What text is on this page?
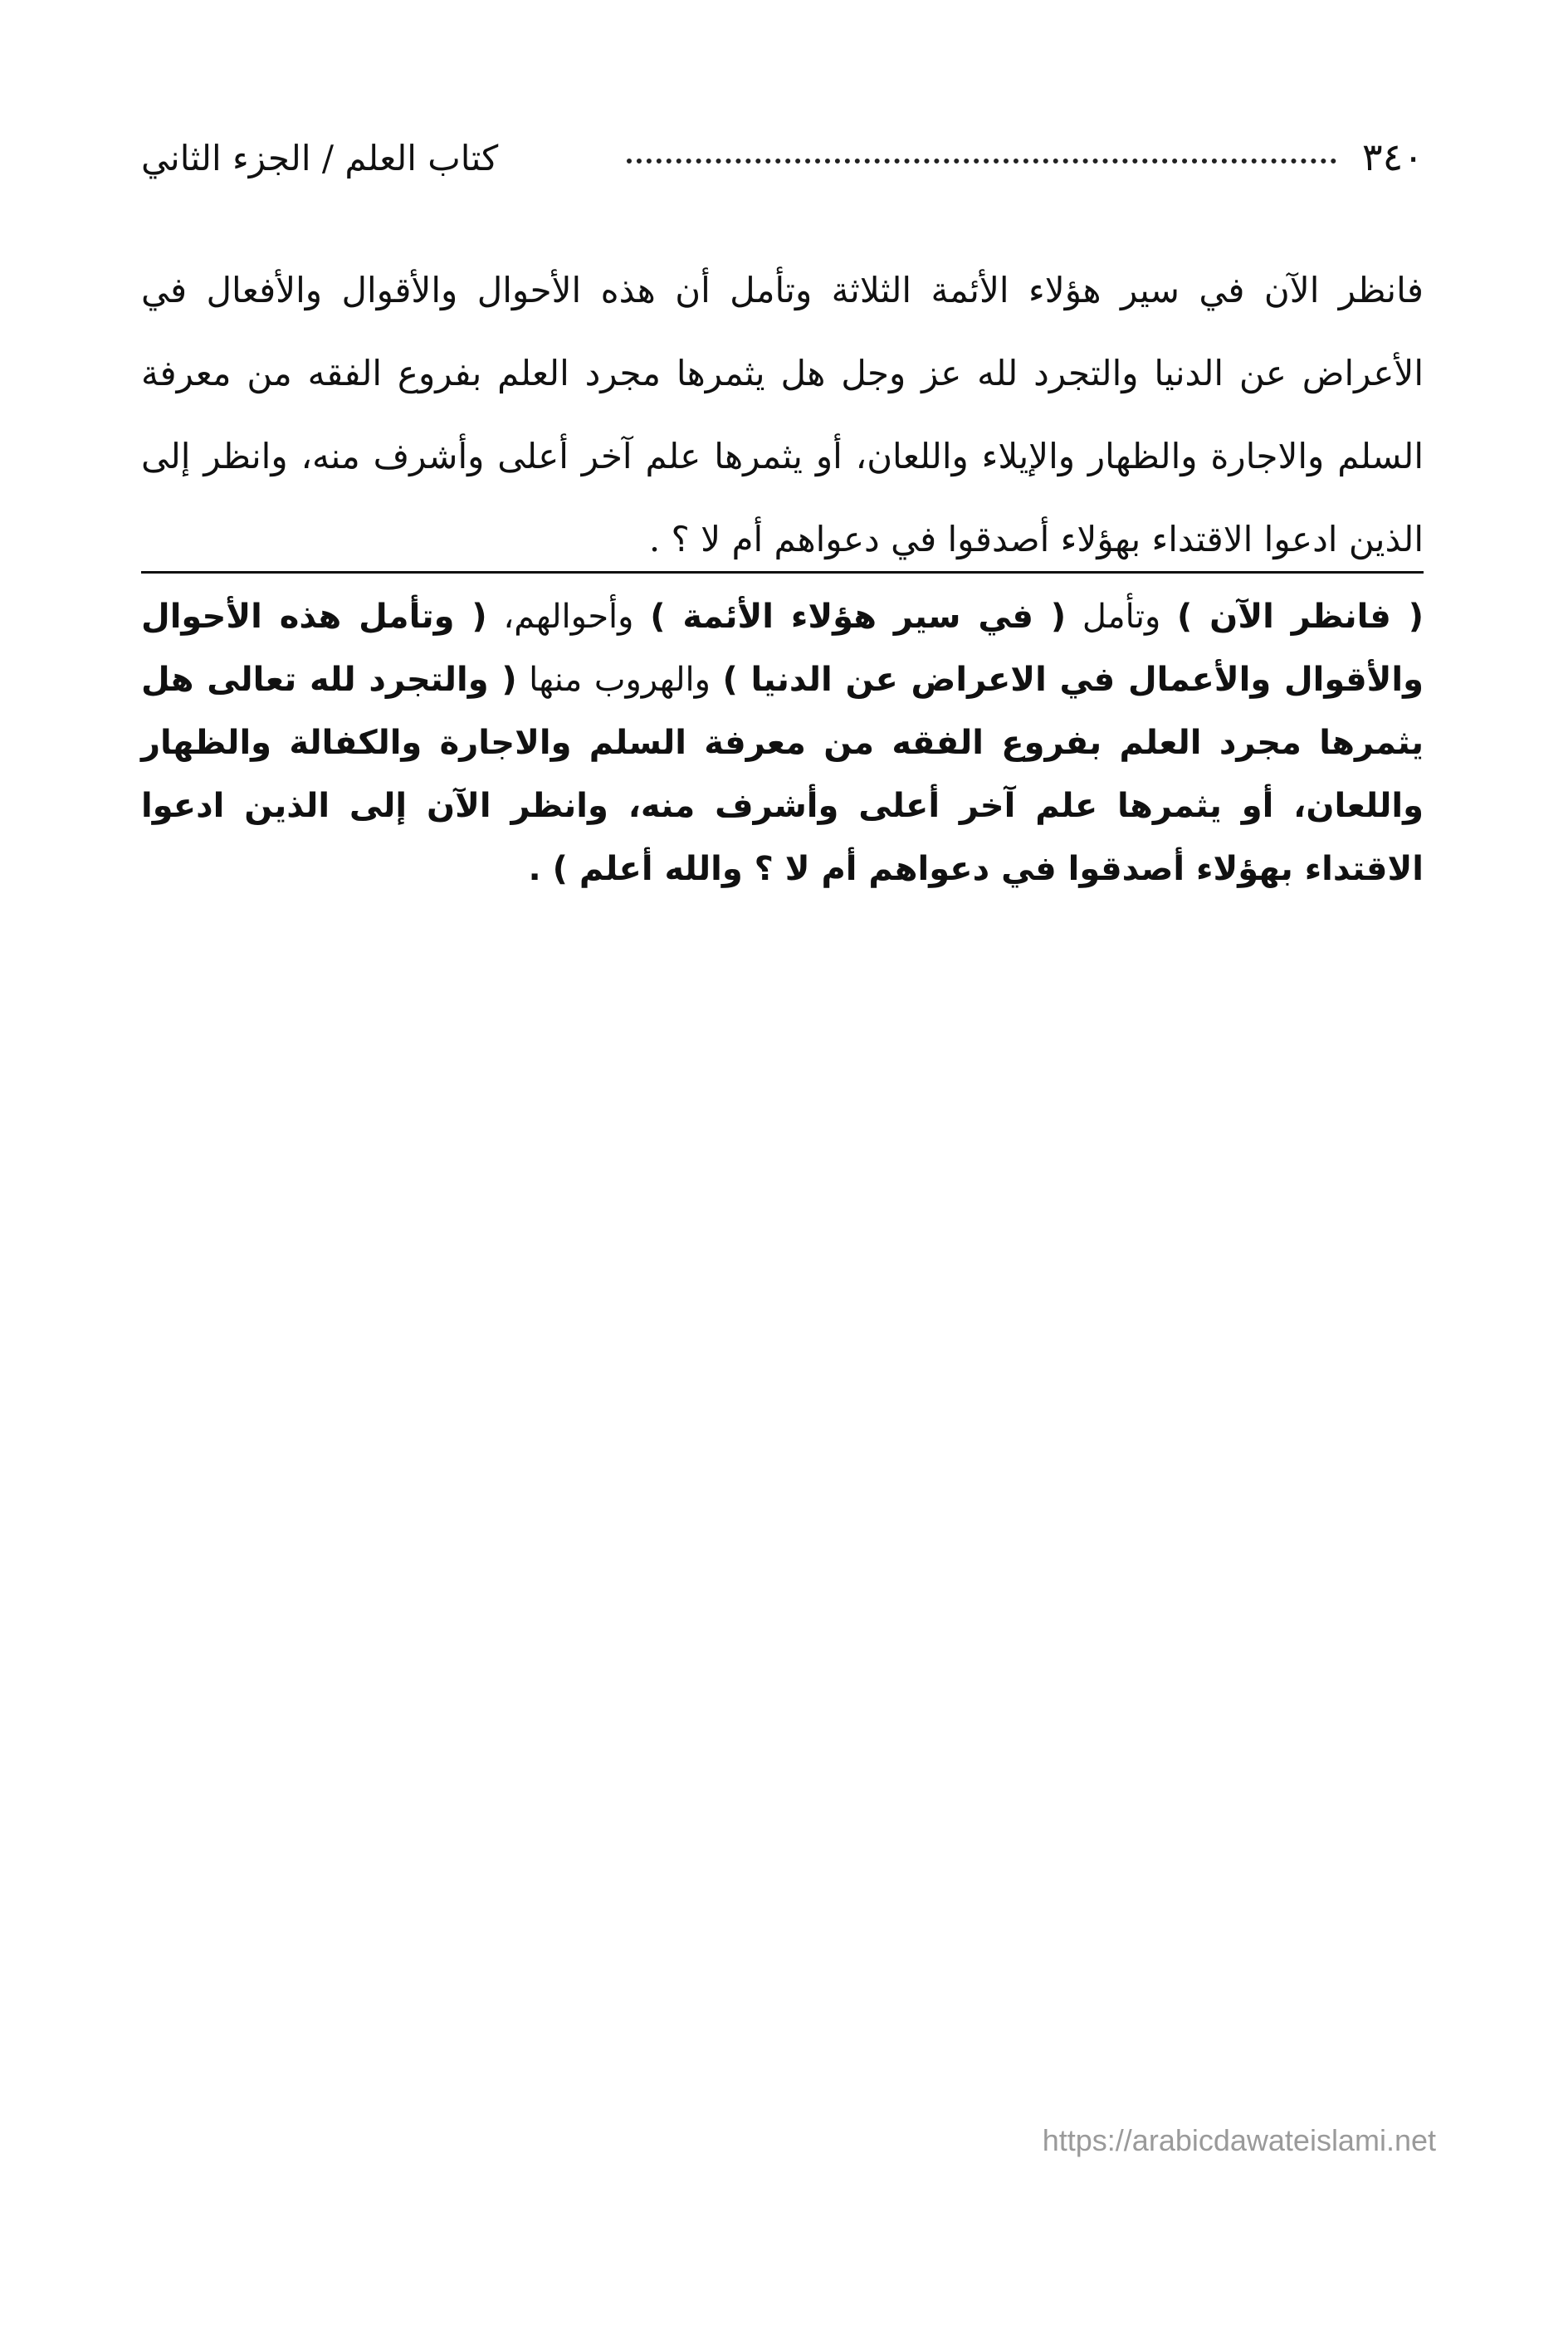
٣٤٠
كتاب العلم / الجزء الثاني

فانظر الآن في سير هؤلاء الأئمة الثلاثة وتأمل أن هذه الأحوال والأقوال والأفعال في الأعراض عن الدنيا والتجرد لله عز وجل هل يثمرها مجرد العلم بفروع الفقه من معرفة السلم والاجارة والظهار والإيلاء واللعان، أو يثمرها علم آخر أعلى وأشرف منه، وانظر إلى الذين ادعوا الاقتداء بهؤلاء أصدقوا في دعواهم أم لا ؟ .

( فانظر الآن ) وتأمل ( في سير هؤلاء الأئمة ) وأحوالهم، ( وتأمل هذه الأحوال والأقوال والأعمال في الاعراض عن الدنيا ) والهروب منها ( والتجرد لله تعالى هل يثمرها مجرد العلم بفروع الفقه من معرفة السلم والاجارة والكفالة والظهار واللعان، أو يثمرها علم آخر أعلى وأشرف منه، وانظر الآن إلى الذين ادعوا الاقتداء بهؤلاء أصدقوا في دعواهم أم لا ؟ والله أعلم ) .

https://arabicdawateislami.net
